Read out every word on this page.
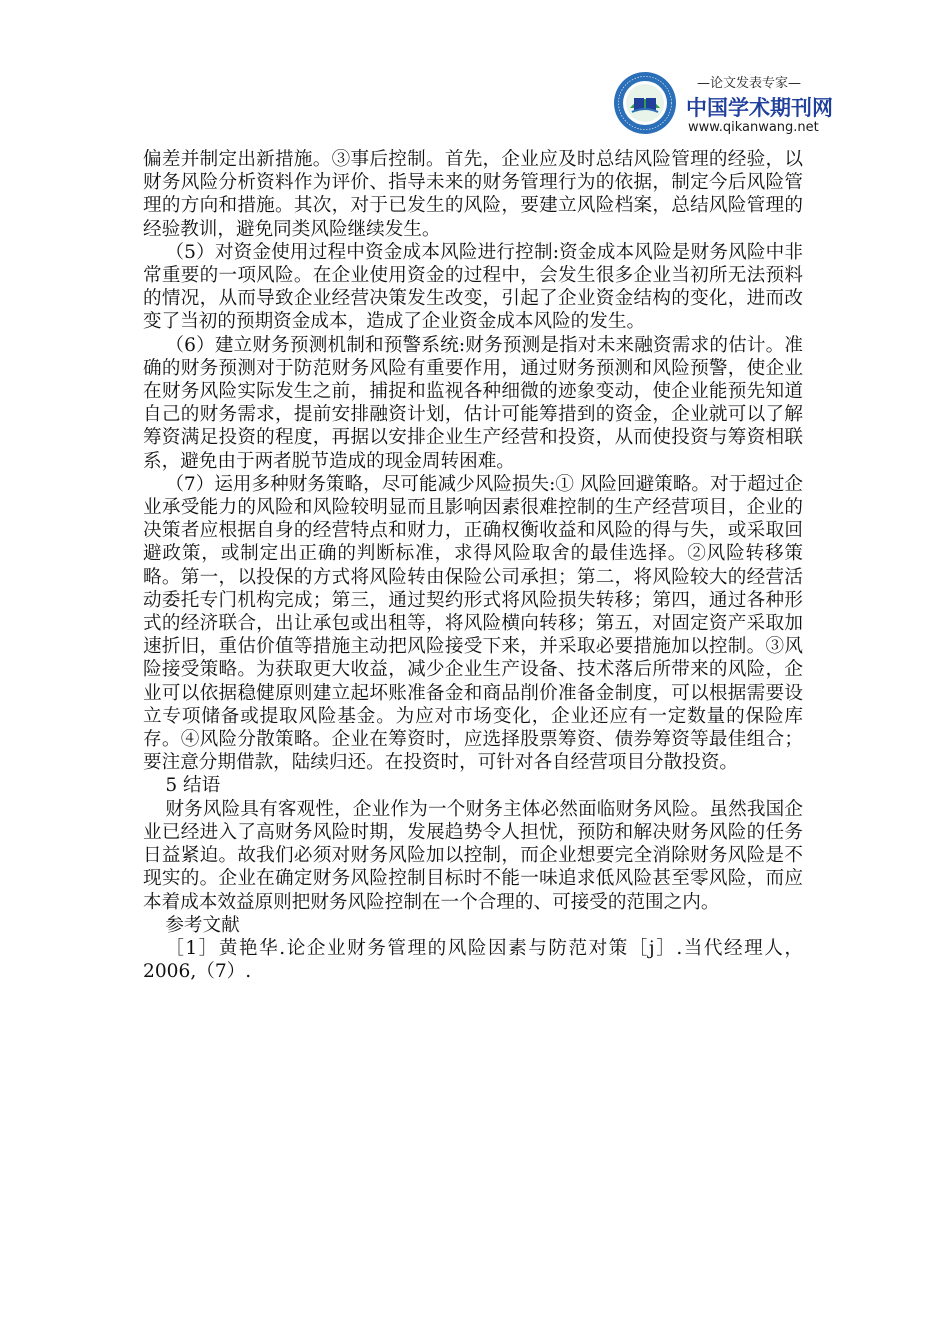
—论文发表专家—
中国学术期刊网
www.qikanwang.net

偏差并制定出新措施。③事后控制。首先，企业应及时总结风险管理的经验，以财务风险分析资料作为评价、指导未来的财务管理行为的依据，制定今后风险管理的方向和措施。其次，对于已发生的风险，要建立风险档案，总结风险管理的经验教训，避免同类风险继续发生。

（5）对资金使用过程中资金成本风险进行控制:资金成本风险是财务风险中非常重要的一项风险。在企业使用资金的过程中，会发生很多企业当初所无法预料的情况，从而导致企业经营决策发生改变，引起了企业资金结构的变化，进而改变了当初的预期资金成本，造成了企业资金成本风险的发生。

（6）建立财务预测机制和预警系统:财务预测是指对未来融资需求的估计。准确的财务预测对于防范财务风险有重要作用，通过财务预测和风险预警，使企业在财务风险实际发生之前，捕捉和监视各种细微的迹象变动，使企业能预先知道自己的财务需求，提前安排融资计划，估计可能筹措到的资金，企业就可以了解筹资满足投资的程度，再据以安排企业生产经营和投资，从而使投资与筹资相联系，避免由于两者脱节造成的现金周转困难。

（7）运用多种财务策略，尽可能减少风险损失:① 风险回避策略。对于超过企业承受能力的风险和风险较明显而且影响因素很难控制的生产经营项目，企业的决策者应根据自身的经营特点和财力，正确权衡收益和风险的得与失，或采取回避政策，或制定出正确的判断标准，求得风险取舍的最佳选择。②风险转移策略。第一，以投保的方式将风险转由保险公司承担；第二，将风险较大的经营活动委托专门机构完成；第三，通过契约形式将风险损失转移；第四，通过各种形式的经济联合，出让承包或出租等，将风险横向转移；第五，对固定资产采取加速折旧，重估价值等措施主动把风险接受下来，并采取必要措施加以控制。③风险接受策略。为获取更大收益，减少企业生产设备、技术落后所带来的风险，企业可以依据稳健原则建立起坏账准备金和商品削价准备金制度，可以根据需要设立专项储备或提取风险基金。为应对市场变化，企业还应有一定数量的保险库存。④风险分散策略。企业在筹资时，应选择股票筹资、债券筹资等最佳组合；要注意分期借款，陆续归还。在投资时，可针对各自经营项目分散投资。

5 结语

财务风险具有客观性，企业作为一个财务主体必然面临财务风险。虽然我国企业已经进入了高财务风险时期，发展趋势令人担忧，预防和解决财务风险的任务日益紧迫。故我们必须对财务风险加以控制，而企业想要完全消除财务风险是不现实的。企业在确定财务风险控制目标时不能一味追求低风险甚至零风险，而应本着成本效益原则把财务风险控制在一个合理的、可接受的范围之内。

参考文献

［1］黄艳华.论企业财务管理的风险因素与防范对策［j］.当代经理人，2006,（7）.
